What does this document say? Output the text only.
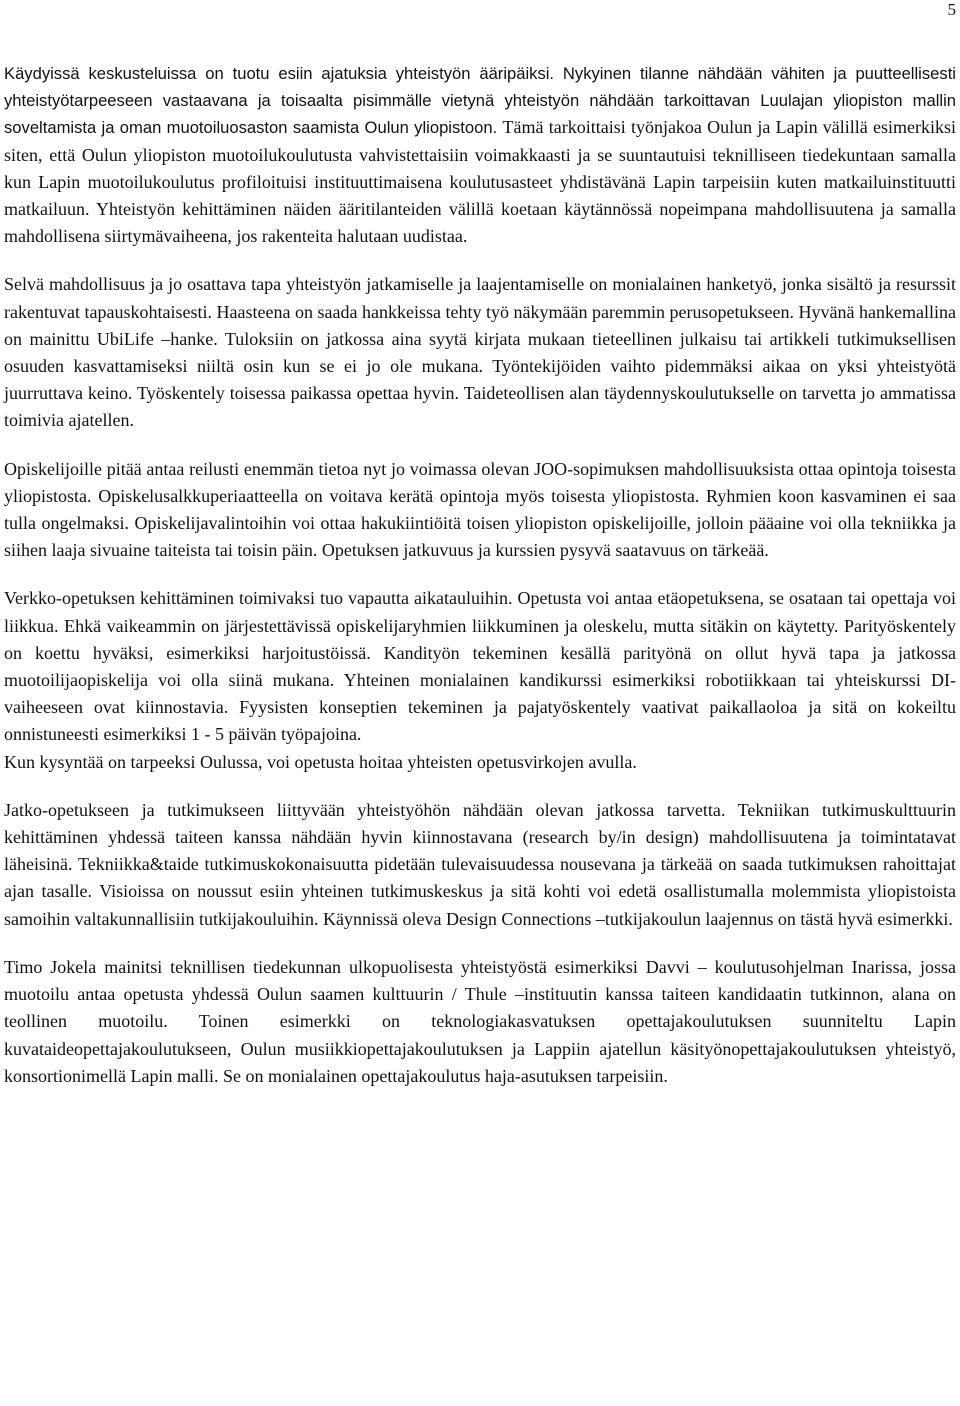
5

Käydyissä keskusteluissa on tuotu esiin ajatuksia yhteistyön ääripäiksi. Nykyinen tilanne nähdään vähiten ja puutteellisesti yhteistyötarpeeseen vastaavana ja toisaalta pisimmälle vietynä yhteistyön nähdään tarkoittavan Luulajan yliopiston mallin soveltamista ja oman muotoiluosaston saamista Oulun yliopistoon. Tämä tarkoittaisi työnjakoa Oulun ja Lapin välillä esimerkiksi siten, että Oulun yliopiston muotoilukoulutusta vahvistettaisiin voimakkaasti ja se suuntautuisi teknilliseen tiedekuntaan samalla kun Lapin muotoilukoulutus profiloituisi instituuttimaisena koulutusasteet yhdistävänä Lapin tarpeisiin kuten matkailuinstituutti matkailuun. Yhteistyön kehittäminen näiden ääritilanteiden välillä koetaan käytännössä nopeimpana mahdollisuutena ja samalla mahdollisena siirtymävaiheena, jos rakenteita halutaan uudistaa.

Selvä mahdollisuus ja jo osattava tapa yhteistyön jatkamiselle ja laajentamiselle on monialainen hanketyö, jonka sisältö ja resurssit rakentuvat tapauskohtaisesti. Haasteena on saada hankkeissa tehty työ näkymään paremmin perusopetukseen. Hyvänä hankemallina on mainittu UbiLife –hanke. Tuloksiin on jatkossa aina syytä kirjata mukaan tieteellinen julkaisu tai artikkeli tutkimuksellisen osuuden kasvattamiseksi niiltä osin kun se ei jo ole mukana. Työntekijöiden vaihto pidemmäksi aikaa on yksi yhteistyötä juurruttava keino. Työskentely toisessa paikassa opettaa hyvin. Taideteollisen alan täydennyskoulutukselle on tarvetta jo ammatissa toimivia ajatellen.

Opiskelijoille pitää antaa reilusti enemmän tietoa nyt jo voimassa olevan JOO-sopimuksen mahdollisuuksista ottaa opintoja toisesta yliopistosta. Opiskelusalkkuperiaatteella on voitava kerätä opintoja myös toisesta yliopistosta. Ryhmien koon kasvaminen ei saa tulla ongelmaksi. Opiskelijavalintoihin voi ottaa hakukiintiöitä toisen yliopiston opiskelijoille, jolloin pääaine voi olla tekniikka ja siihen laaja sivuaine taiteista tai toisin päin. Opetuksen jatkuvuus ja kurssien pysyvä saatavuus on tärkeää.

Verkko-opetuksen kehittäminen toimivaksi tuo vapautta aikatauluihin. Opetusta voi antaa etäopetuksena, se osataan tai opettaja voi liikkua. Ehkä vaikeammin on järjestettävissä opiskelijaryhmien liikkuminen ja oleskelu, mutta sitäkin on käytetty. Parityöskentely on koettu hyväksi, esimerkiksi harjoitustöissä. Kandityön tekeminen kesällä parityönä on ollut hyvä tapa ja jatkossa muotoilijaopiskelija voi olla siinä mukana. Yhteinen monialainen kandikurssi esimerkiksi robotiikkaan tai yhteiskurssi DI-vaiheeseen ovat kiinnostavia. Fyysisten konseptien tekeminen ja pajatyöskentely vaativat paikallaoloa ja sitä on kokeiltu onnistuneesti esimerkiksi 1 - 5 päivän työpajoina.

Kun kysyntää on tarpeeksi Oulussa, voi opetusta hoitaa yhteisten opetusvirkojen avulla.

Jatko-opetukseen ja tutkimukseen liittyvään yhteistyöhön nähdään olevan jatkossa tarvetta. Tekniikan tutkimuskulttuurin kehittäminen yhdessä taiteen kanssa nähdään hyvin kiinnostavana (research by/in design) mahdollisuutena ja toimintatavat läheisinä. Tekniikka&taide tutkimuskokonaisuutta pidetään tulevaisuudessa nousevana ja tärkeää on saada tutkimuksen rahoittajat ajan tasalle. Visioissa on noussut esiin yhteinen tutkimuskeskus ja sitä kohti voi edetä osallistumalla molemmista yliopistoista samoihin valtakunnallisiin tutkijakouluihin. Käynnissä oleva Design Connections –tutkijakoulun laajennus on tästä hyvä esimerkki.

Timo Jokela mainitsi teknillisen tiedekunnan ulkopuolisesta yhteistyöstä esimerkiksi Davvi – koulutusohjelman Inarissa, jossa muotoilu antaa opetusta yhdessä Oulun saamen kulttuurin / Thule –instituutin kanssa taiteen kandidaatin tutkinnon, alana on teollinen muotoilu. Toinen esimerkki on teknologiakasvatuksen opettajakoulutuksen suunniteltu Lapin kuvataideopettajakoulutukseen, Oulun musiikkiopettajakoulutuksen ja Lappiin ajatellun käsityönopettajakoulutuksen yhteistyö, konsortionimellä Lapin malli. Se on monialainen opettajakoulutus haja-asutuksen tarpeisiin.
